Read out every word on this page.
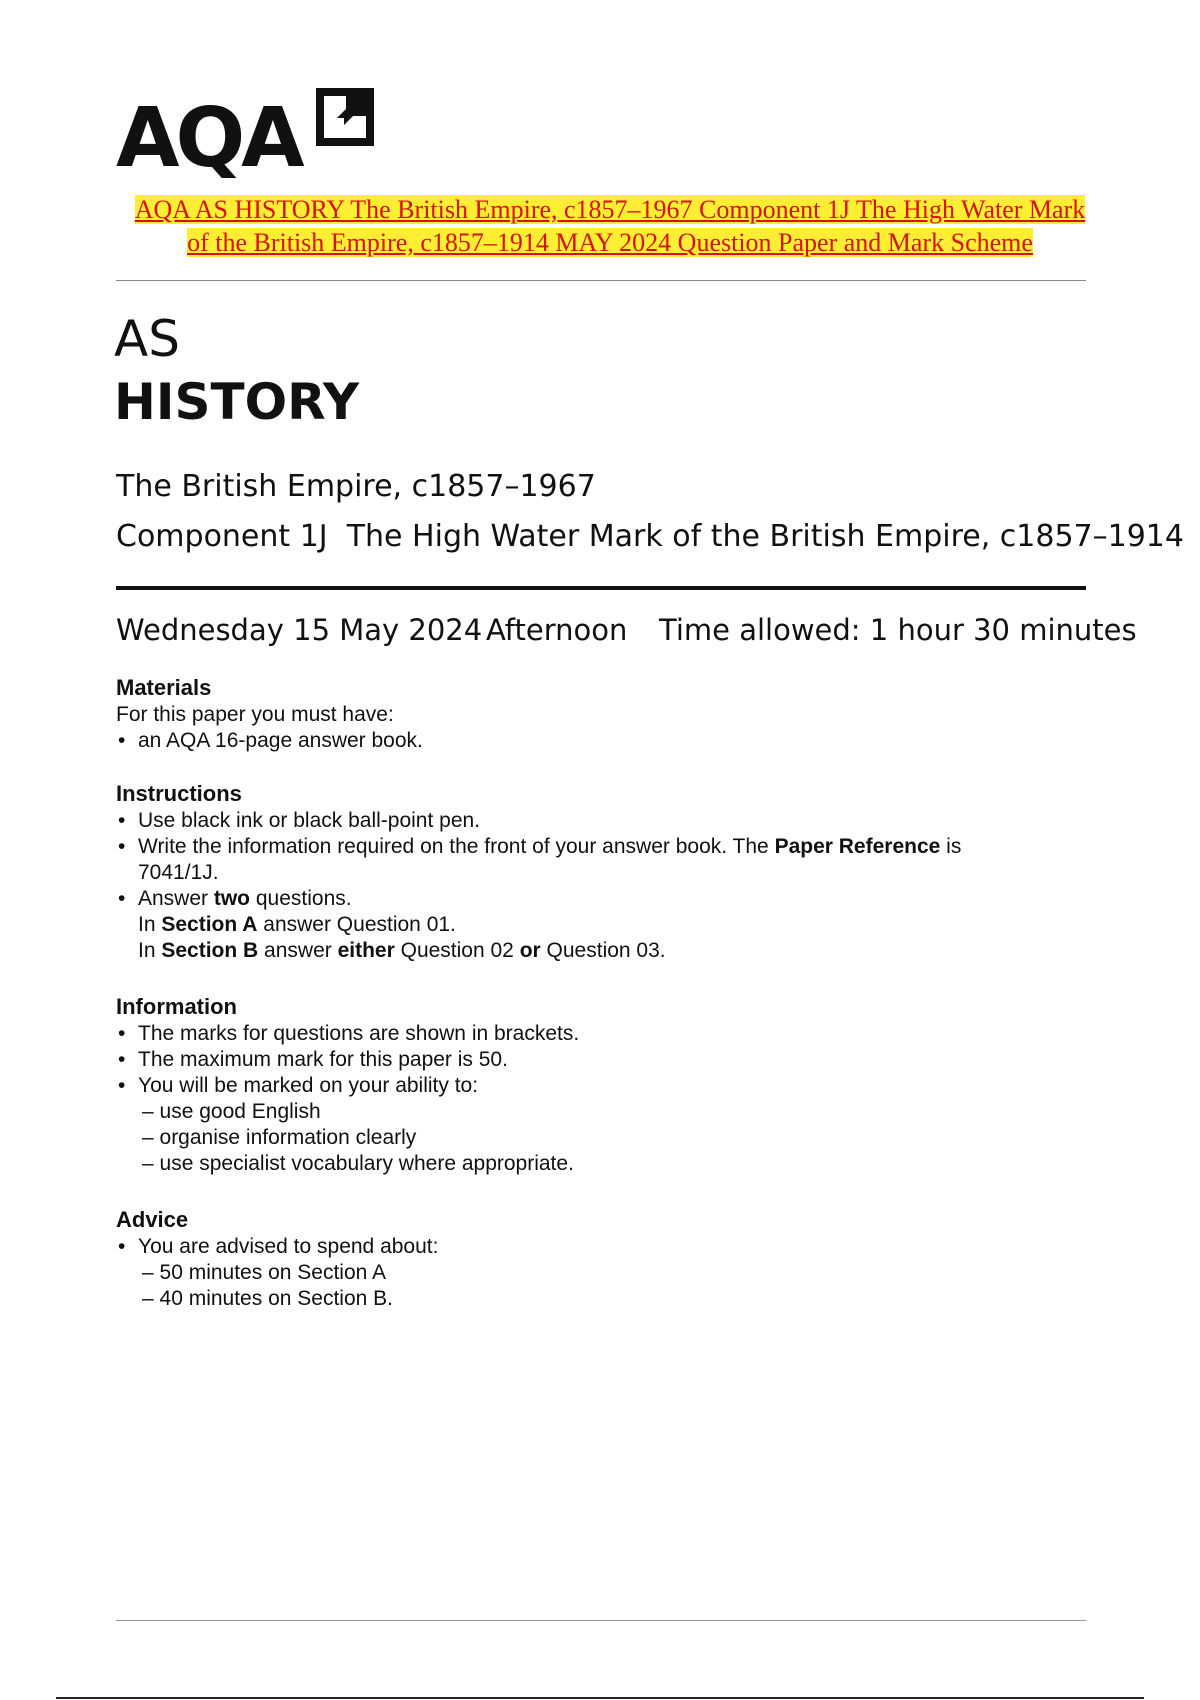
AQA
AQA AS HISTORY The British Empire, c1857–1967 Component 1J The High Water Mark
of the British Empire, c1857–1914 MAY 2024 Question Paper and Mark Scheme
AS
HISTORY
The British Empire, c1857–1967
Component 1J  The High Water Mark of the British Empire, c1857–1914
Wednesday 15 May 2024 Afternoon Time allowed: 1 hour 30 minutes
Materials
For this paper you must have:
• an AQA 16-page answer book.
Instructions
• Use black ink or black ball-point pen.
• Write the information required on the front of your answer book. The Paper Reference is
7041/1J.
• Answer two questions.
In Section A answer Question 01.
In Section B answer either Question 02 or Question 03.
Information
• The marks for questions are shown in brackets.
• The maximum mark for this paper is 50.
• You will be marked on your ability to:
– use good English
– organise information clearly
– use specialist vocabulary where appropriate.
Advice
• You are advised to spend about:
– 50 minutes on Section A
– 40 minutes on Section B.
